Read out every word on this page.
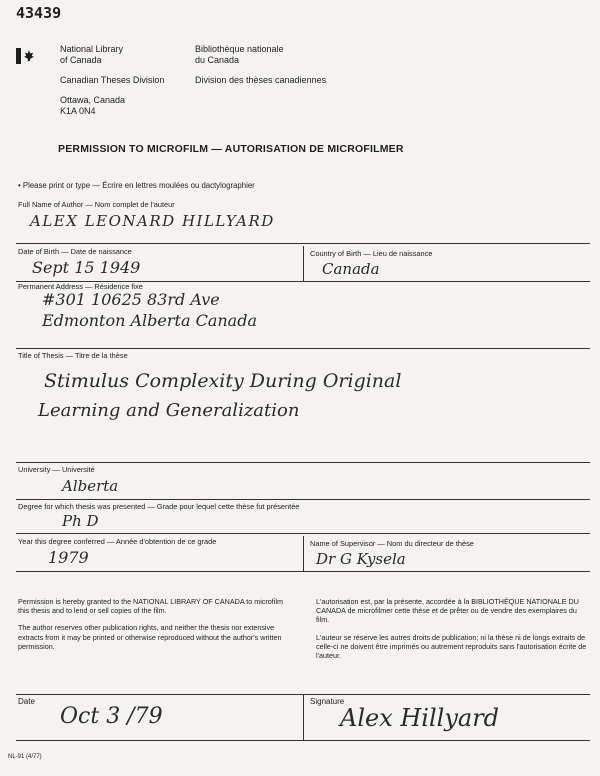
43439
National Library
of Canada
Bibliothèque nationale
du Canada
Canadian Theses Division	Division des thèses canadiennes
Ottawa, Canada
K1A 0N4
PERMISSION TO MICROFILM — AUTORISATION DE MICROFILMER
• Please print or type — Écrire en lettres moulées ou dactylographier
Full Name of Author — Nom complet de l'auteur
ALEX LEONARD HILLYARD
Date of Birth — Date de naissance
Sept 15 1949
Country of Birth — Lieu de naissance
Canada
Permanent Address — Résidence fixe
#301 10625 83rd Ave
Edmonton Alberta Canada
Title of Thesis — Titre de la thèse
Stimulus Complexity During Original
Learning and Generalization
University — Université
Alberta
Degree for which thesis was presented — Grade pour lequel cette thèse fut présentée
Ph D
Year this degree conferred — Année d'obtention de ce grade
1979
Name of Supervisor — Nom du directeur de thèse
Dr G Kysela
Permission is hereby granted to the NATIONAL LIBRARY OF CANADA to microfilm this thesis and to lend or sell copies of the film.
The author reserves other publication rights, and neither the thesis nor extensive extracts from it may be printed or otherwise reproduced without the author's written permission.
L'autorisation est, par la présente, accordée à la BIBLIOTHÈQUE NATIONALE DU CANADA de microfilmer cette thèse et de prêter ou de vendre des exemplaires du film.
L'auteur se réserve les autres droits de publication; ni la thèse ni de longs extraits de celle-ci ne doivent être imprimés ou autrement reproduits sans l'autorisation écrite de l'auteur.
Date
Oct 3 /79
Signature
Alex Hillyard
NL-91 (4/77)
